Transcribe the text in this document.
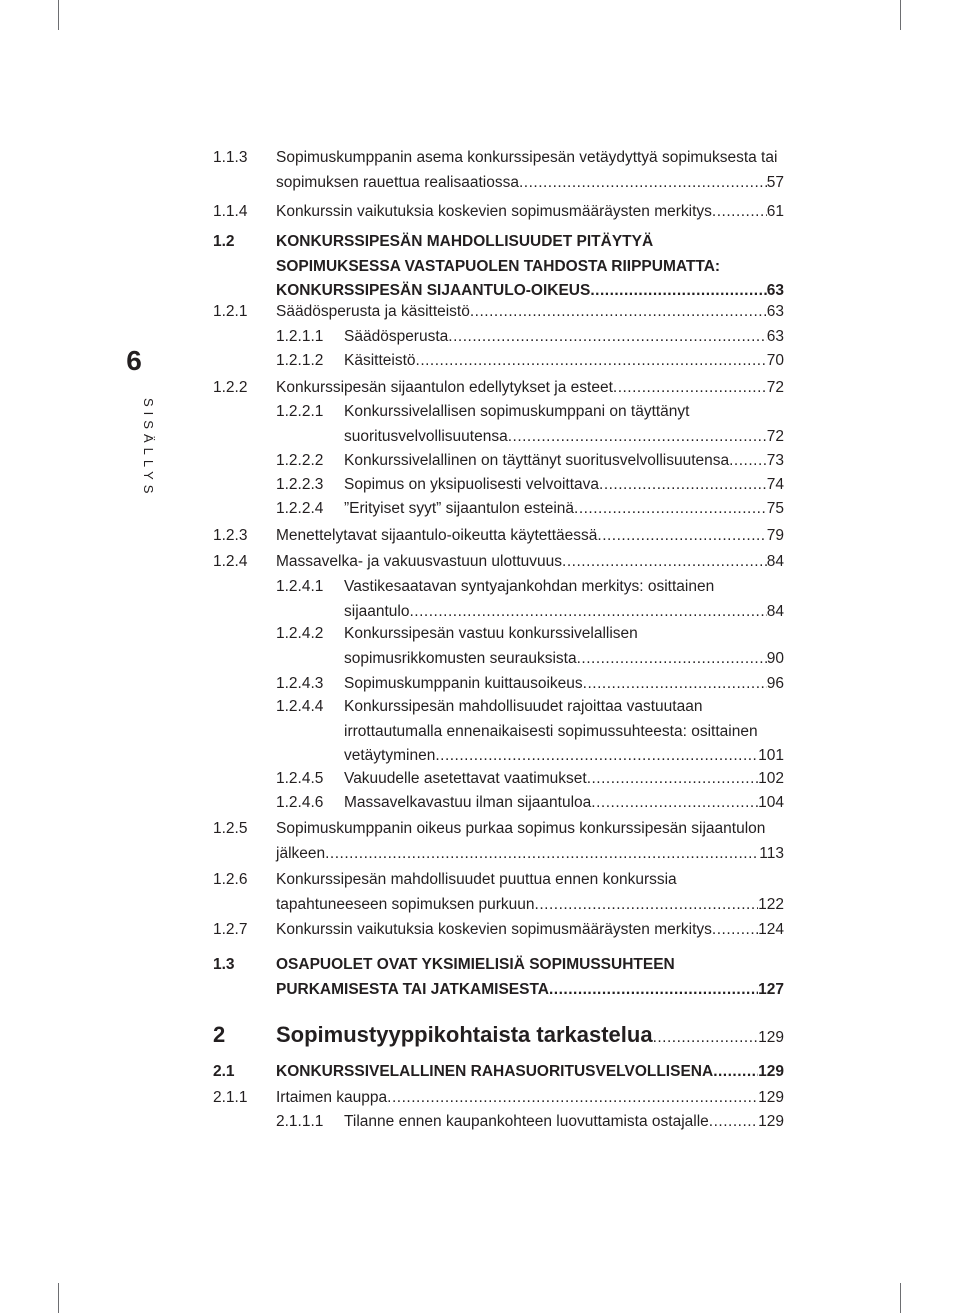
6
SISÄLLYS
1.1.3 Sopimuskumppanin asema konkurssipesän vetäydyttyä sopimuksesta tai
sopimuksen rauettua realisaatiossa .....	57
1.1.4 Konkurssin vaikutuksia koskevien sopimusmääräysten merkitys .....	61
1.2	KONKURSSIPESÄN MAHDOLLISUUDET PITÄYTYÄ
SOPIMUKSESSA VASTAPUOLEN TAHDOSTA RIIPPUMATTA:
KONKURSSIPESÄN SIJAANTULO-OIKEUS .....	63
1.2.1 Säädösperusta ja käsitteistö .....	63
1.2.1.1 Säädösperusta .....	63
1.2.1.2 Käsitteistö .....	70
1.2.2 Konkurssipesän sijaantulon edellytykset ja esteet .....	72
1.2.2.1 Konkurssivelallisen sopimuskumppani on täyttänyt
suoritusvelvollisuutensa .....	72
1.2.2.2 Konkurssivelallinen on täyttänyt suoritusvelvollisuutensa ..... 73
1.2.2.3 Sopimus on yksipuolisesti velvoittava .....	74
1.2.2.4 ”Erityiset syyt” sijaantulon esteinä .....	75
1.2.3 Menettelytavat sijaantulo-oikeutta käytettäessä .....	79
1.2.4 Massavelka- ja vakuusvastuun ulottuvuus .....	84
1.2.4.1 Vastikesaatavan syntyajankohdan merkitys: osittainen
sijaantulo .....	84
1.2.4.2 Konkurssipesän vastuu konkurssivelallisen
sopimusrikkomusten seurauksista .....	90
1.2.4.3 Sopimuskumppanin kuittausoikeus .....	96
1.2.4.4 Konkurssipesän mahdollisuudet rajoittaa vastuutaan
irrottautumalla ennenaikaisesti sopimussuhteesta: osittainen
vetäytyminen .....	101
1.2.4.5 Vakuudelle asetettavat vaatimukset .....	102
1.2.4.6 Massavelkavastuu ilman sijaantuloa .....	104
1.2.5 Sopimuskumppanin oikeus purkaa sopimus konkurssipesän sijaantulon
jälkeen .....	113
1.2.6 Konkurssipesän mahdollisuudet puuttua ennen konkurssia
tapahtuneeseen sopimuksen purkuun .....	122
1.2.7 Konkurssin vaikutuksia koskevien sopimusmääräysten merkitys .....	124
1.3	OSAPUOLET OVAT YKSIMIELISIÄ SOPIMUSSUHTEEN
PURKAMISESTA TAI JATKAMISESTA .....	127
2 Sopimustyyppikohtaista tarkastelua .....	129
2.1	KONKURSSIVELALLINEN RAHASUORITUSVELVOLLISENA .....	129
2.1.1 Irtaimen kauppa .....	129
2.1.1.1 Tilanne ennen kaupankohteen luovuttamista ostajalle .....	129
